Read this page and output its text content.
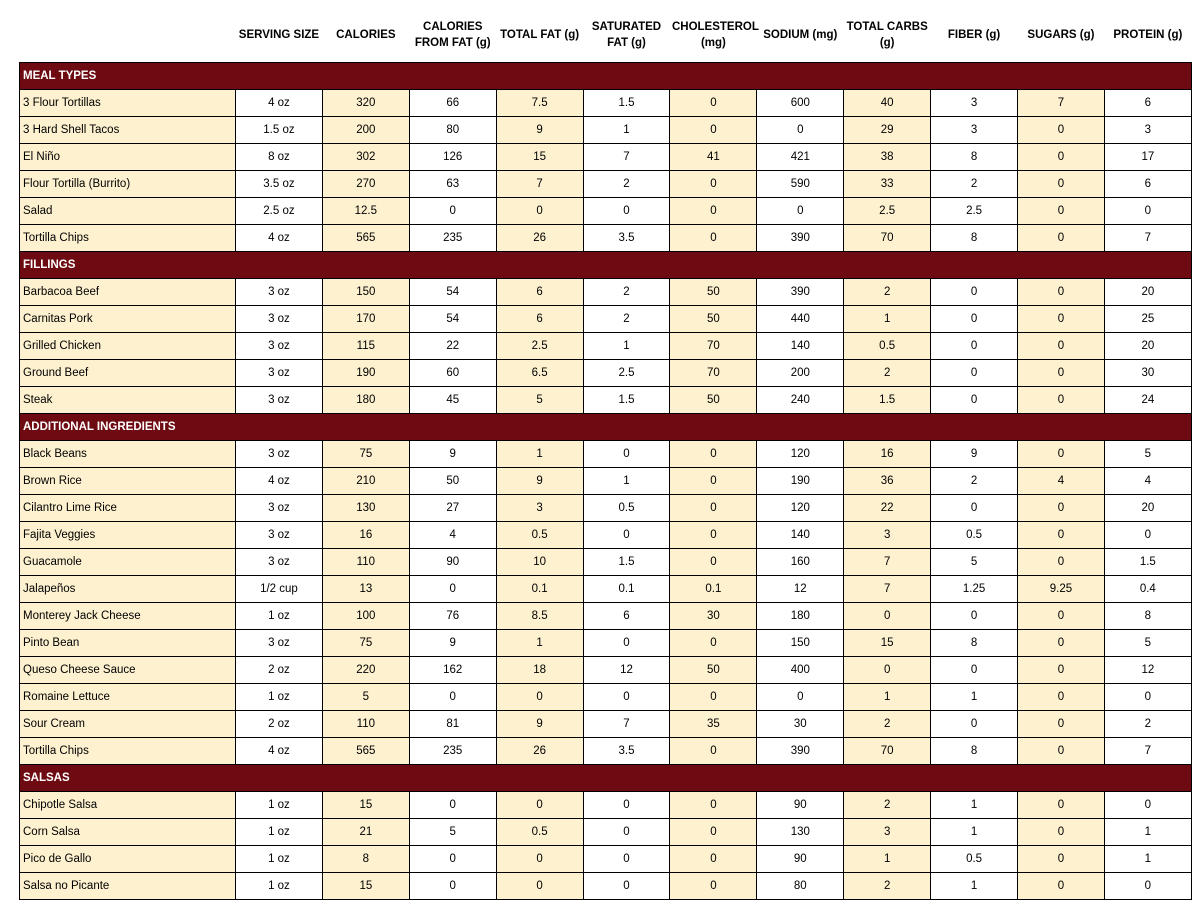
	SERVING SIZE	CALORIES	CALORIES FROM FAT (g)	TOTAL FAT (g)	SATURATED FAT (g)	CHOLESTEROL (mg)	SODIUM (mg)	TOTAL CARBS (g)	FIBER (g)	SUGARS (g)	PROTEIN (g)
MEAL TYPES											
3 Flour Tortillas	4 oz	320	66	7.5	1.5	0	600	40	3	7	6
3 Hard Shell Tacos	1.5 oz	200	80	9	1	0	0	29	3	0	3
El Niño	8 oz	302	126	15	7	41	421	38	8	0	17
Flour Tortilla (Burrito)	3.5 oz	270	63	7	2	0	590	33	2	0	6
Salad	2.5 oz	12.5	0	0	0	0	0	2.5	2.5	0	0
Tortilla Chips	4 oz	565	235	26	3.5	0	390	70	8	0	7
FILLINGS											
Barbacoa Beef	3 oz	150	54	6	2	50	390	2	0	0	20
Carnitas Pork	3 oz	170	54	6	2	50	440	1	0	0	25
Grilled Chicken	3 oz	115	22	2.5	1	70	140	0.5	0	0	20
Ground Beef	3 oz	190	60	6.5	2.5	70	200	2	0	0	30
Steak	3 oz	180	45	5	1.5	50	240	1.5	0	0	24
ADDITIONAL INGREDIENTS											
Black Beans	3 oz	75	9	1	0	0	120	16	9	0	5
Brown Rice	4 oz	210	50	9	1	0	190	36	2	4	4
Cilantro Lime Rice	3 oz	130	27	3	0.5	0	120	22	0	0	20
Fajita Veggies	3 oz	16	4	0.5	0	0	140	3	0.5	0	0
Guacamole	3 oz	110	90	10	1.5	0	160	7	5	0	1.5
Jalapeños	1/2 cup	13	0	0.1	0.1	0.1	12	7	1.25	9.25	0.4
Monterey Jack Cheese	1 oz	100	76	8.5	6	30	180	0	0	0	8
Pinto Bean	3 oz	75	9	1	0	0	150	15	8	0	5
Queso Cheese Sauce	2 oz	220	162	18	12	50	400	0	0	0	12
Romaine Lettuce	1 oz	5	0	0	0	0	0	1	1	0	0
Sour Cream	2 oz	110	81	9	7	35	30	2	0	0	2
Tortilla Chips	4 oz	565	235	26	3.5	0	390	70	8	0	7
SALSAS											
Chipotle Salsa	1 oz	15	0	0	0	0	90	2	1	0	0
Corn Salsa	1 oz	21	5	0.5	0	0	130	3	1	0	1
Pico de Gallo	1 oz	8	0	0	0	0	90	1	0.5	0	1
Salsa no Picante	1 oz	15	0	0	0	0	80	2	1	0	0
